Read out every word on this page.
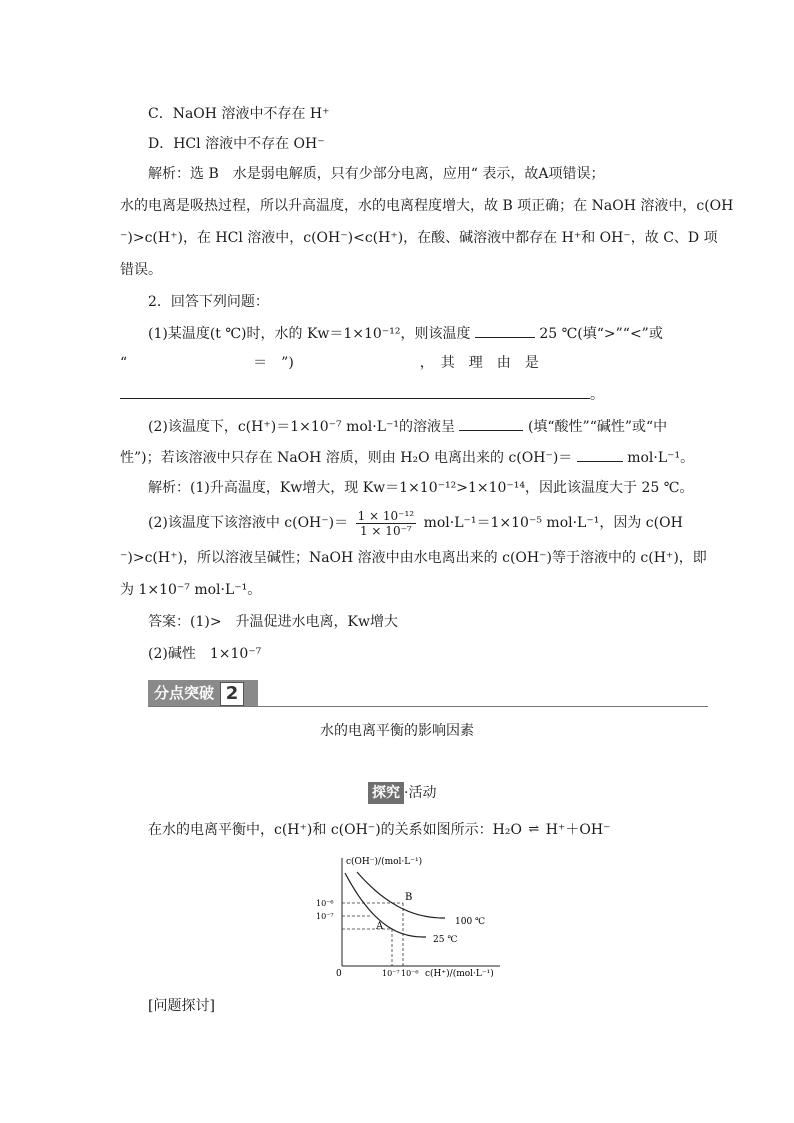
C．NaOH 溶液中不存在 H⁺
D．HCl 溶液中不存在 OH⁻
解析：选 B　水是弱电解质，只有少部分电离，应用“ 表示，故A项错误；
水的电离是吸热过程，所以升高温度，水的电离程度增大，故 B 项正确；在 NaOH 溶液中，c(OH
⁻)>c(H⁺)，在 HCl 溶液中，c(OH⁻)<c(H⁺)，在酸、碱溶液中都存在 H⁺和 OH⁻，故 C、D 项
错误。
2．回答下列问题：
(1)某温度(t ℃)时，水的 Kw＝1×10⁻¹²，则该温度	25 ℃(填“>”“<”或
“　　　　　　　　　＝　”)　　　　　　　　　，　其　理　由　是
。
(2)该温度下，c(H⁺)＝1×10⁻⁷ mol·L⁻¹的溶液呈	(填“酸性”“碱性”或“中
性”)；若该溶液中只存在 NaOH 溶质，则由 H₂O 电离出来的 c(OH⁻)＝	mol·L⁻¹。
解析：(1)升高温度，Kw增大，现 Kw＝1×10⁻¹²>1×10⁻¹⁴，因此该温度大于 25 ℃。
(2)该温度下该溶液中 $c(OH^-)= \frac{\text{1 × 10⁻¹²}}{\text{1 × 10⁻⁷}} mol\cdot L^{-1}=1\times 10^{-5}$ mol·L⁻¹，因为 c(OH
⁻)>c(H⁺)，所以溶液呈碱性；NaOH 溶液中由水电离出来的 c(OH⁻)等于溶液中的 c(H⁺)，即
为 1×10⁻⁷ mol·L⁻¹。
答案：(1)>　升温促进水电离，Kw增大
(2)碱性　1×10⁻⁷
分点突破 2
水的电离平衡的影响因素
探究 ·活动
在水的电离平衡中，c(H⁺)和 c(OH⁻)的关系如图所示：H₂O ⇌ H⁺＋OH⁻
c(OH⁻)/(mol·L⁻¹)
c(H⁺)/(mol·L⁻¹)
0	10⁻⁷ 10⁻⁶
10⁻⁶
10⁻⁷
100 ℃
25 ℃
A
B
[问题探讨]
